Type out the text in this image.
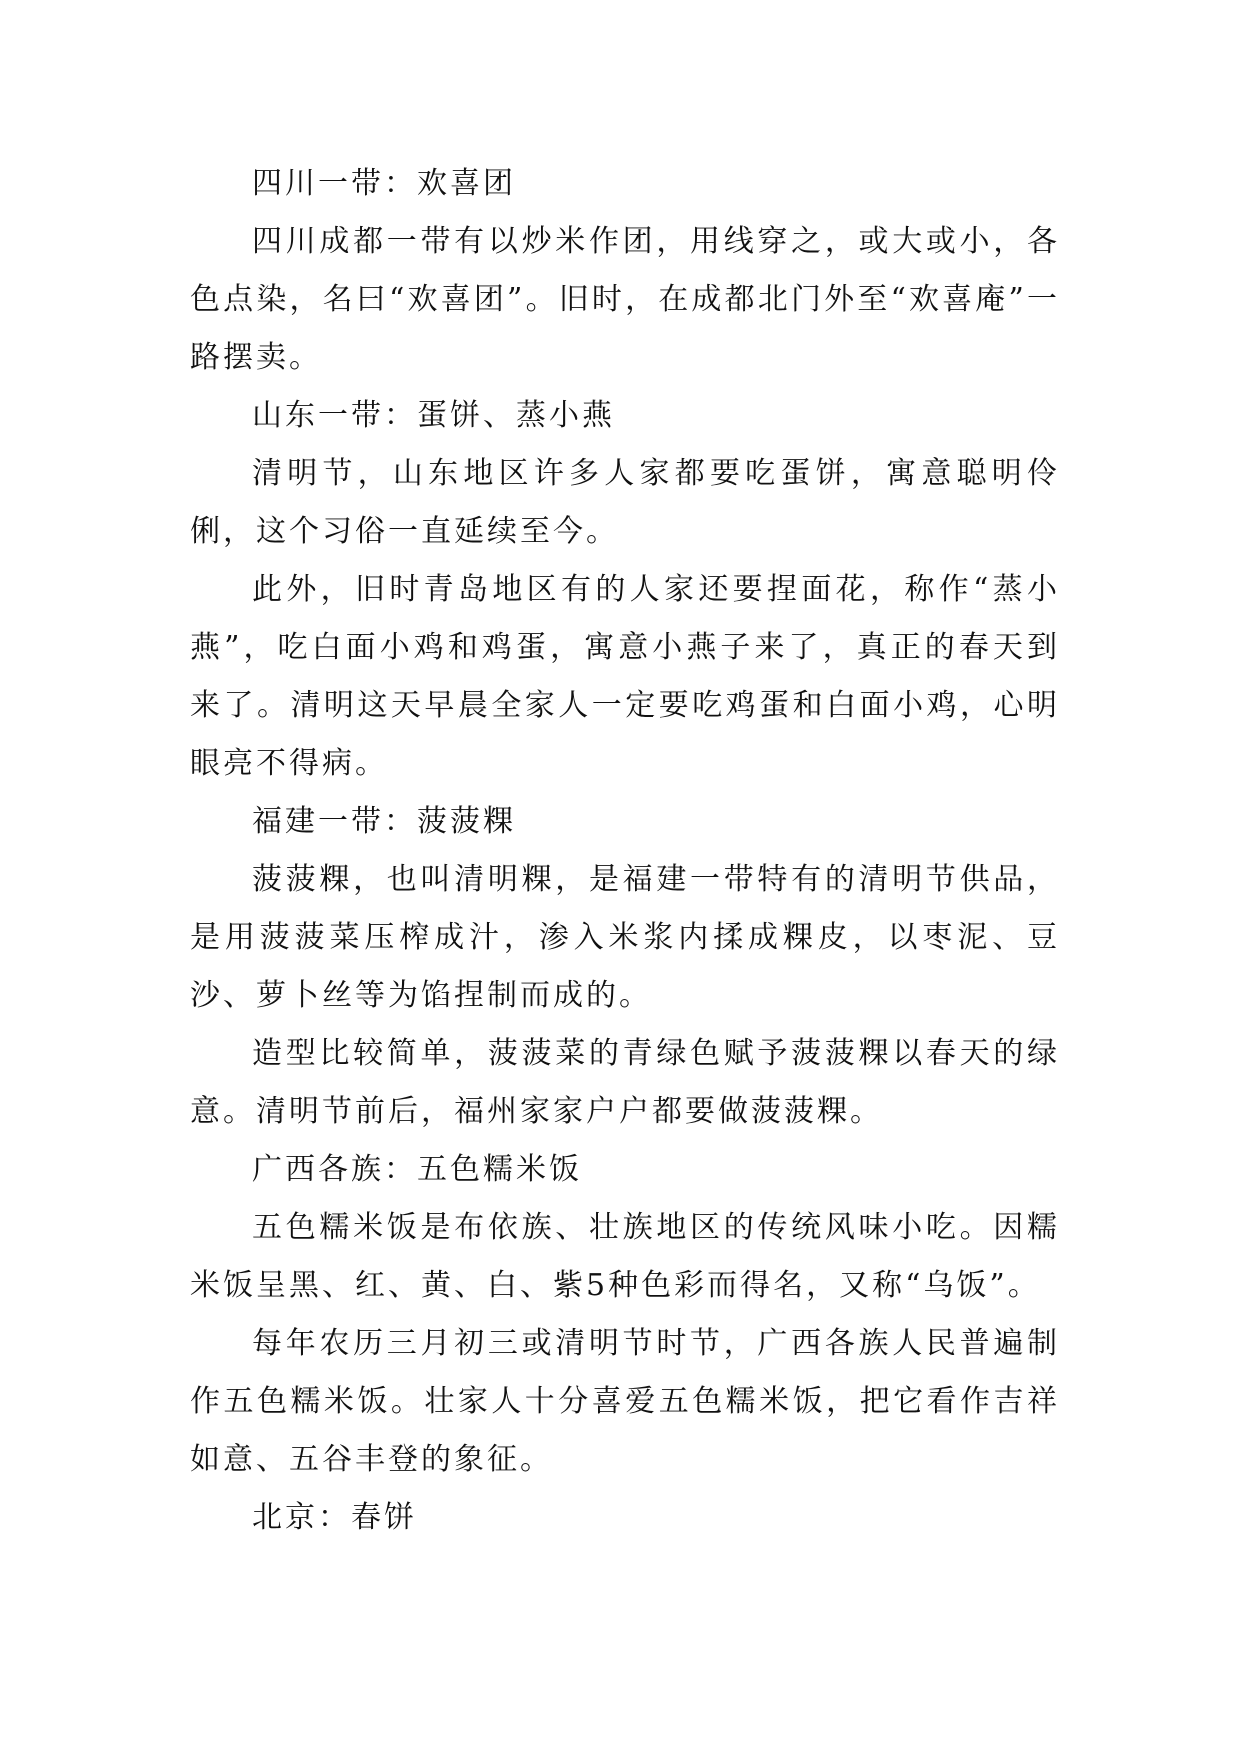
四川一带：欢喜团

四川成都一带有以炒米作团，用线穿之，或大或小，各色点染，名曰“欢喜团”。旧时，在成都北门外至“欢喜庵”一路摆卖。

山东一带：蛋饼、蒸小燕

清明节，山东地区许多人家都要吃蛋饼，寓意聪明伶俐，这个习俗一直延续至今。

此外，旧时青岛地区有的人家还要捏面花，称作“蒸小燕”，吃白面小鸡和鸡蛋，寓意小燕子来了，真正的春天到来了。清明这天早晨全家人一定要吃鸡蛋和白面小鸡，心明眼亮不得病。

福建一带：菠菠粿

菠菠粿，也叫清明粿，是福建一带特有的清明节供品，是用菠菠菜压榨成汁，渗入米浆内揉成粿皮，以枣泥、豆沙、萝卜丝等为馅捏制而成的。

造型比较简单，菠菠菜的青绿色赋予菠菠粿以春天的绿意。清明节前后，福州家家户户都要做菠菠粿。

广西各族：五色糯米饭

五色糯米饭是布依族、壮族地区的传统风味小吃。因糯米饭呈黑、红、黄、白、紫5种色彩而得名，又称“乌饭”。

每年农历三月初三或清明节时节，广西各族人民普遍制作五色糯米饭。壮家人十分喜爱五色糯米饭，把它看作吉祥如意、五谷丰登的象征。

北京：春饼
